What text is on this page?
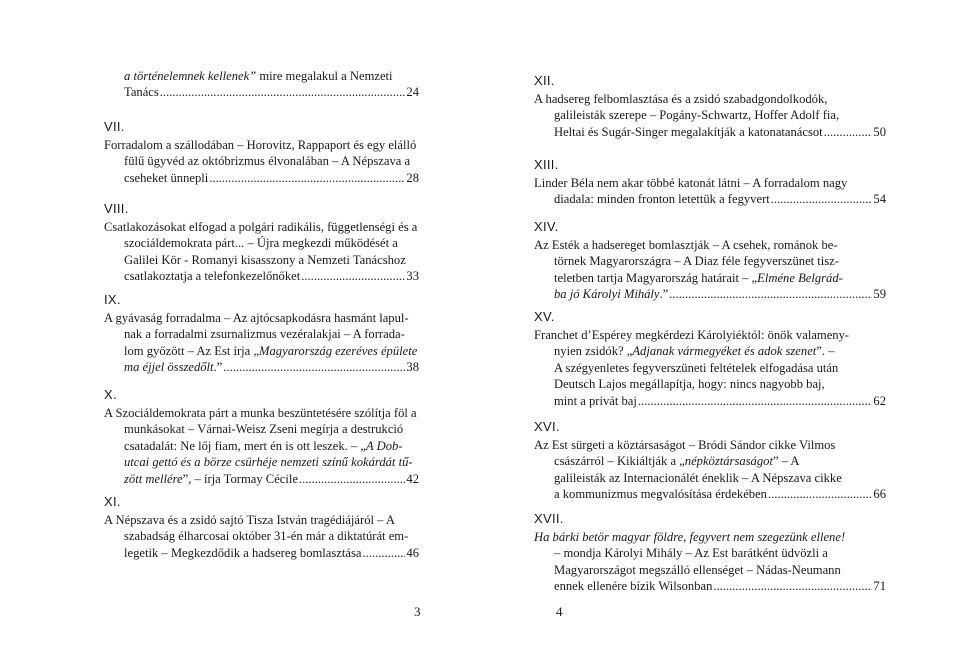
a történelemnek kellenek” mire megalakul a Nemzeti
Tanács .....	24
VII.
Forradalom a szállodában – Horovitz, Rappaport és egy elálló
fülű ügyvéd az októbrizmus élvonalában – A Népszava a
cseheket ünnepli .....	28
VIII.
Csatlakozásokat elfogad a polgári radikális, függetlenségi és a
szociáldemokrata párt... – Újra megkezdi működését a
Galilei Kör - Romanyi kisasszony a Nemzeti Tanácshoz
csatlakoztatja a telefonkezelőnőket .....	33
IX.
A gyávaság forradalma – Az ajtócsapkodásra hasmánt lapul-
nak a forradalmi zsurnalizmus vezéralakjai – A forrada-
lom győzött – Az Est írja „Magyarország ezeréves épülete
ma éjjel összedőlt.” .....	38
X.
A Szociáldemokrata párt a munka beszüntetésére szólítja föl a
munkásokat – Várnai-Weisz Zseni megírja a destrukció
csatadalát: Ne lőj fiam, mert én is ott leszek. – „A Dob-
utcai gettó és a börze csürhéje nemzeti színű kokárdát tű-
zött mellére”, – írja Tormay Cécile .....	42
XI.
A Népszava és a zsidó sajtó Tisza István tragédiájáról – A
szabadság élharcosai október 31-én már a diktatúrát em-
legetik – Megkezdődik a hadsereg bomlasztása .....	46
3
XII.
A hadsereg felbomlasztása és a zsidó szabadgondolkodók,
galileisták szerepe – Pogány-Schwartz, Hoffer Adolf fia,
Heltai és Sugár-Singer megalakítják a katonatanácsot .....	50
XIII.
Linder Béla nem akar többé katonát látni – A forradalom nagy
diadala: minden fronton letettük a fegyvert .....	54
XIV.
Az Esték a hadsereget bomlasztják – A csehek, románok be-
törnek Magyarországra – A Diaz féle fegyverszünet tisz-
teletben tartja Magyarország határait – „Elméne Belgrád-
ba jó Károlyi Mihály.” .....	59
XV.
Franchet d’Espérey megkérdezi Károlyiéktól: önök valameny-
nyien zsidók? „Adjanak vármegyéket és adok szenet”. –
A szégyenletes fegyverszüneti feltételek elfogadása után
Deutsch Lajos megállapítja, hogy: nincs nagyobb baj,
mint a privát baj .....	62
XVI.
Az Est sürgeti a köztársaságot – Bródi Sándor cikke Vilmos
császárról – Kikiáltják a „népköztársaságot” – A
galileisták az Internacionálét éneklik – A Népszava cikke
a kommunizmus megvalósítása érdekében .....	66
XVII.
Ha bárki betör magyar földre, fegyvert nem szegezünk ellene!
– mondja Károlyi Mihály – Az Est barátként üdvözli a
Magyarországot megszálló ellenséget – Nádas-Neumann
ennek ellenére bízik Wilsonban .....	71
4
